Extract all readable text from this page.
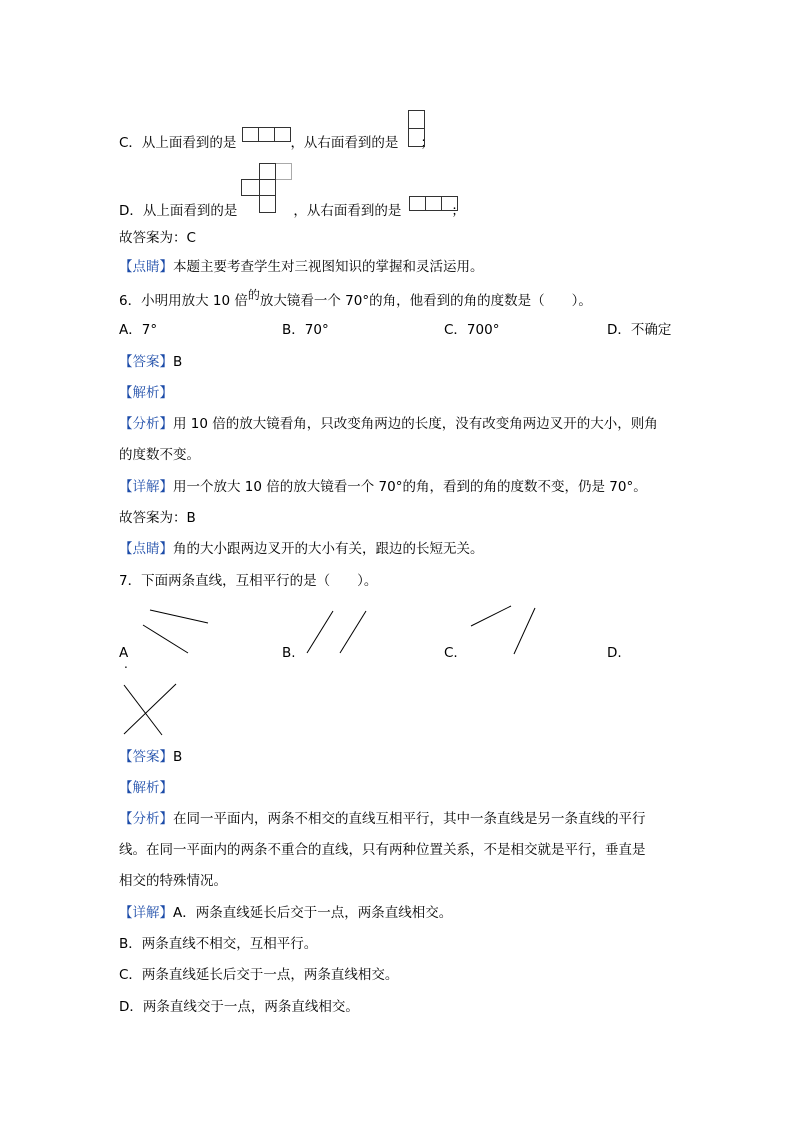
C．从上面看到的是	，从右面看到的是 ；
D．从上面看到的是	，从右面看到的是	；
故答案为：C
【点睛】本题主要考查学生对三视图知识的掌握和灵活运用。
6．小明用放大 10 倍的放大镜看一个 70°的角，他看到的角的度数是（　　）。
A．7°	B．70°	C．700°	D．不确定
【答案】B
【解析】
【分析】用 10 倍的放大镜看角，只改变角两边的长度，没有改变角两边叉开的大小，则角
的度数不变。
【详解】用一个放大 10 倍的放大镜看一个 70°的角，看到的角的度数不变，仍是 70°。
故答案为：B
【点睛】角的大小跟两边叉开的大小有关，跟边的长短无关。
7．下面两条直线，互相平行的是（　　）。
A
.
B.	C.	D.
【答案】B
【解析】
【分析】在同一平面内，两条不相交的直线互相平行，其中一条直线是另一条直线的平行
线。在同一平面内的两条不重合的直线，只有两种位置关系，不是相交就是平行，垂直是
相交的特殊情况。
【详解】A．两条直线延长后交于一点，两条直线相交。
B．两条直线不相交，互相平行。
C．两条直线延长后交于一点，两条直线相交。
D．两条直线交于一点，两条直线相交。
